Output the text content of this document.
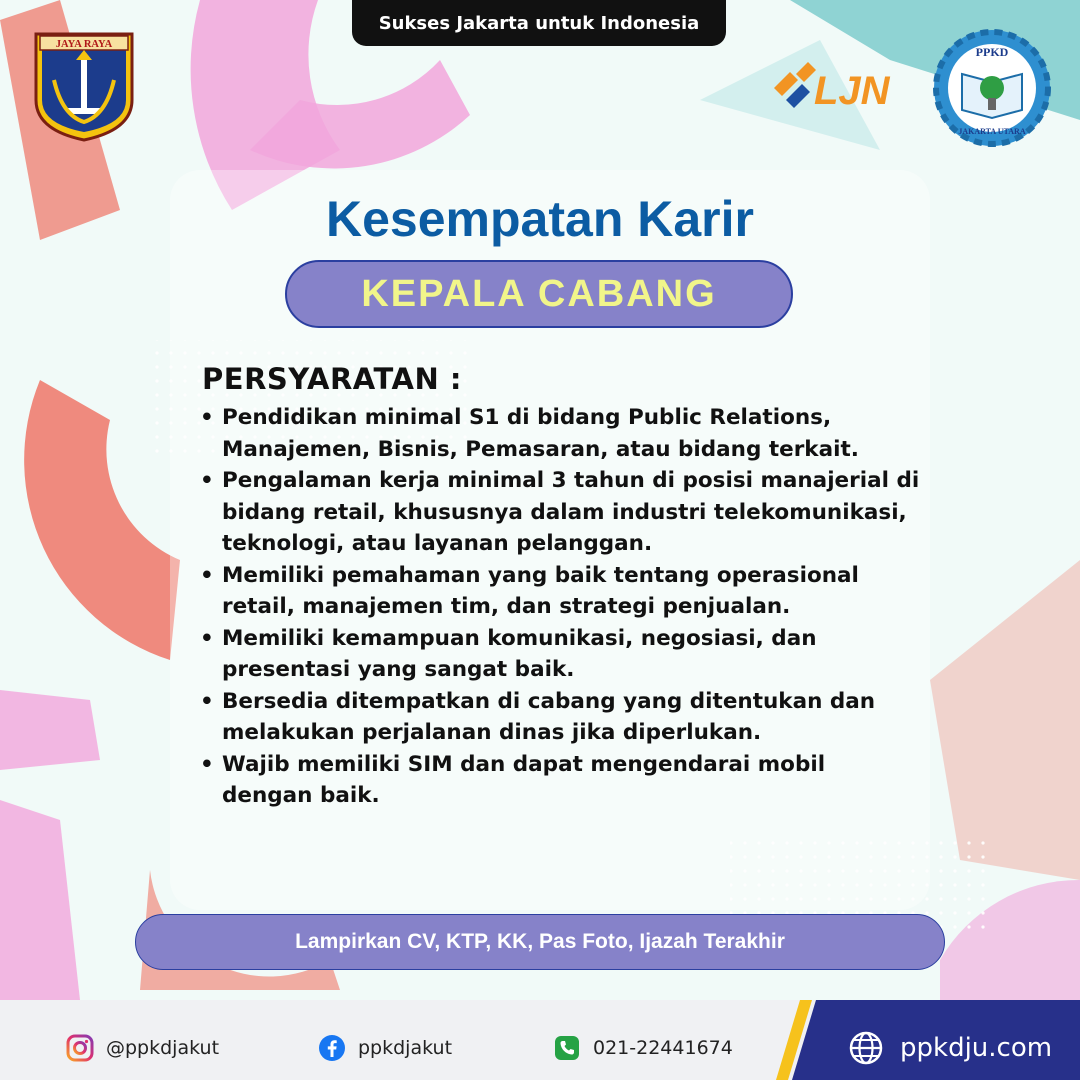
Sukses Jakarta untuk Indonesia
JAYA RAYA
LJN
PPKD
JAKARTA UTARA
Kesempatan Karir
KEPALA CABANG
PERSYARATAN :
• Pendidikan minimal S1 di bidang Public Relations, Manajemen, Bisnis, Pemasaran, atau bidang terkait.
• Pengalaman kerja minimal 3 tahun di posisi manajerial di bidang retail, khususnya dalam industri telekomunikasi, teknologi, atau layanan pelanggan.
• Memiliki pemahaman yang baik tentang operasional retail, manajemen tim, dan strategi penjualan.
• Memiliki kemampuan komunikasi, negosiasi, dan presentasi yang sangat baik.
• Bersedia ditempatkan di cabang yang ditentukan dan melakukan perjalanan dinas jika diperlukan.
• Wajib memiliki SIM dan dapat mengendarai mobil dengan baik.
Lampirkan CV, KTP, KK, Pas Foto, Ijazah Terakhir
@ppkdjakut	ppkdjakut	021-22441674	ppkdju.com
